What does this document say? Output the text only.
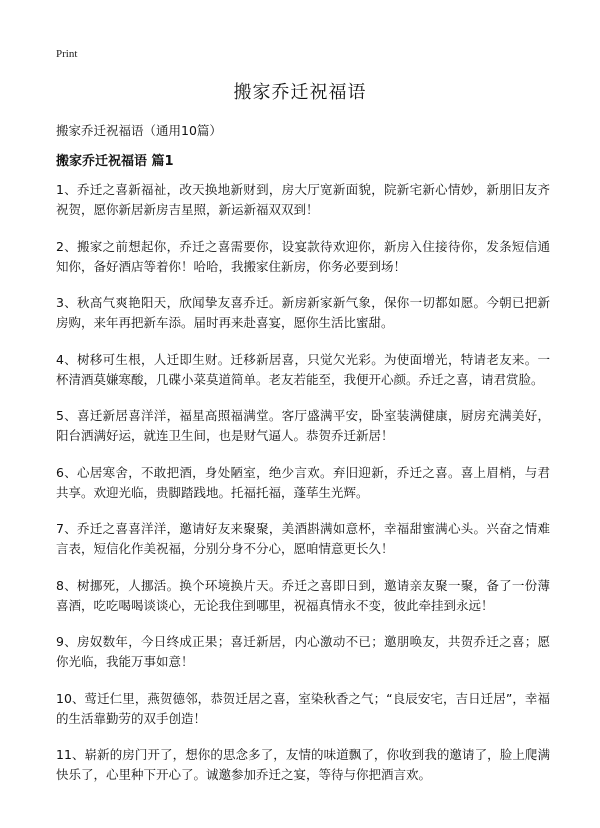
Print
搬家乔迁祝福语
搬家乔迁祝福语（通用10篇）
搬家乔迁祝福语 篇1

1、乔迁之喜新福祉，改天换地新财到，房大厅宽新面貌，院新宅新心情妙，新朋旧友齐祝贺，愿你新居新房吉星照，新运新福双双到！

2、搬家之前想起你，乔迁之喜需要你，设宴款待欢迎你，新房入住接待你，发条短信通知你，备好酒店等着你！哈哈，我搬家住新房，你务必要到场！

3、秋高气爽艳阳天，欣闻挚友喜乔迁。新房新家新气象，保你一切都如愿。今朝已把新房购，来年再把新车添。届时再来赴喜宴，愿你生活比蜜甜。

4、树移可生根，人迁即生财。迁移新居喜，只觉欠光彩。为使面增光，特请老友来。一杯清酒莫嫌寒酸，几碟小菜莫道简单。老友若能至，我便开心颜。乔迁之喜，请君赏脸。

5、喜迁新居喜洋洋，福星高照福满堂。客厅盛满平安，卧室装满健康，厨房充满美好，阳台洒满好运，就连卫生间，也是财气逼人。恭贺乔迁新居！

6、心居寒舍，不敢把酒，身处陋室，绝少言欢。弃旧迎新，乔迁之喜。喜上眉梢，与君共享。欢迎光临，贵脚踏践地。托福托福，蓬荜生光辉。

7、乔迁之喜喜洋洋，邀请好友来聚聚，美酒斟满如意杯，幸福甜蜜满心头。兴奋之情难言表，短信化作美祝福，分别分身不分心，愿咱情意更长久！

8、树挪死，人挪活。换个环境换片天。乔迁之喜即日到，邀请亲友聚一聚，备了一份薄喜酒，吃吃喝喝谈谈心，无论我住到哪里，祝福真情永不变，彼此牵挂到永远！

9、房奴数年，今日终成正果；喜迁新居，内心激动不已；邀朋唤友，共贺乔迁之喜；愿你光临，我能万事如意！

10、莺迁仁里，燕贺德邻，恭贺迁居之喜，室染秋香之气；“良辰安宅，吉日迁居”，幸福的生活靠勤劳的双手创造！

11、崭新的房门开了，想你的思念多了，友情的味道飘了，你收到我的邀请了，脸上爬满快乐了，心里种下开心了。诚邀参加乔迁之宴，等待与你把酒言欢。
